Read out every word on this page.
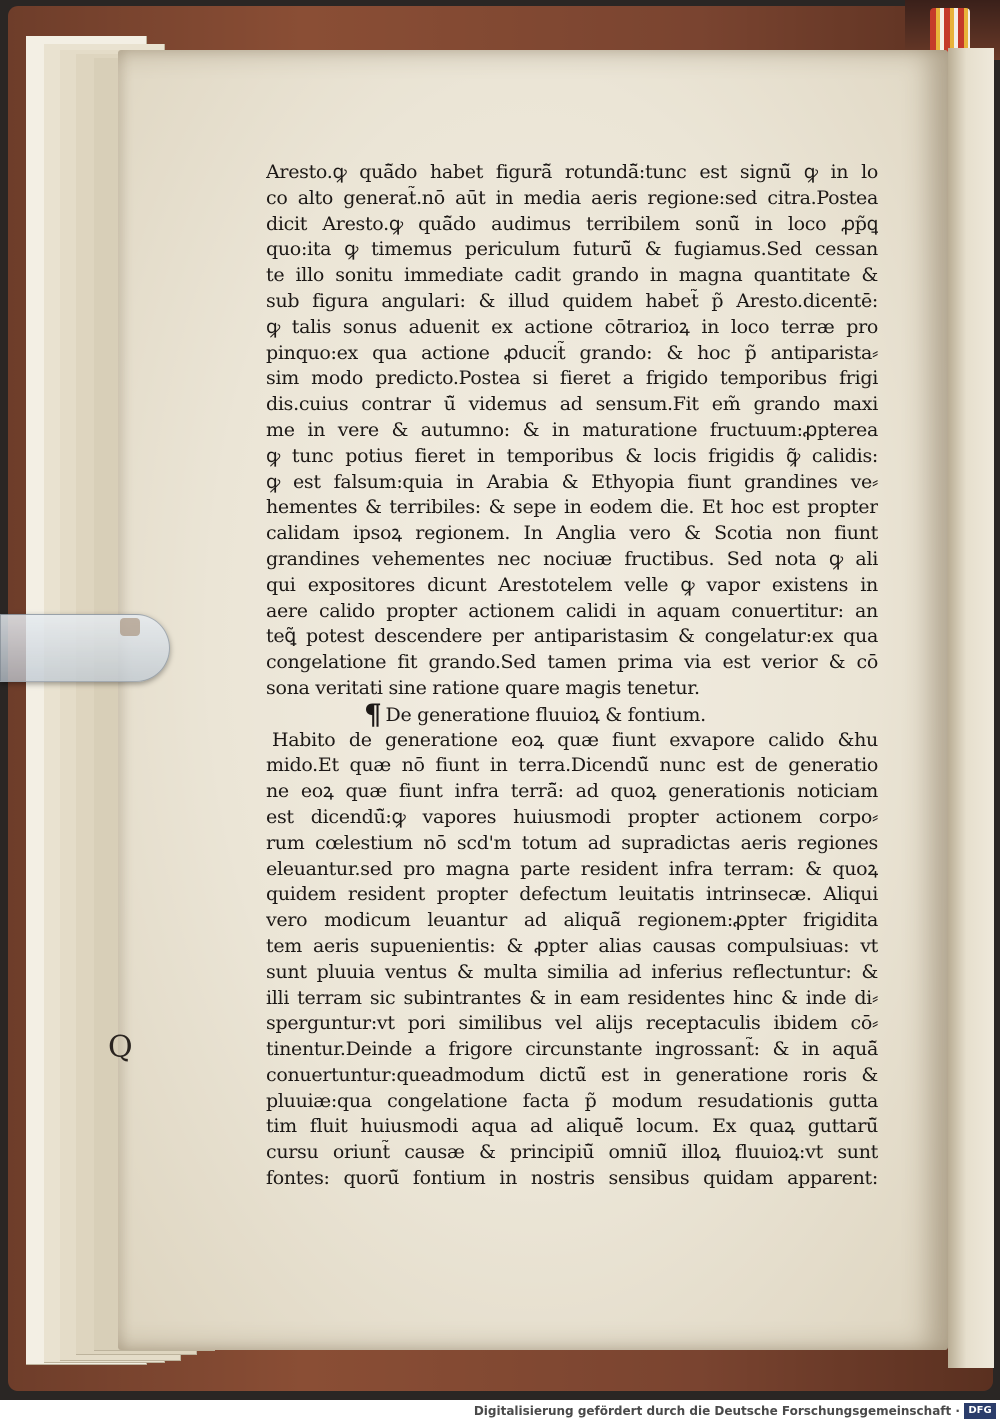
Q
Aresto.ꝙ quā̃do habet figurā̃ rotundā̃:tunc est signū̃ ꝙ in lo
co alto generat̃.nō aūt in media aeris regione:sed citra.Postea
dicit Aresto.ꝙ quā̃do audimus terribilem sonū̃ in loco ꝓp̃ꝗ
quo:ita ꝙ timemus periculum futurū̃ & fugiamus.Sed cessan
te illo sonitu immediate cadit grando in magna quantitate &
sub figura angulari: & illud quidem habet̃ p̃ Aresto.dicentē:
ꝙ talis sonus aduenit ex actione cōtrarioꝝ in loco terræ pro
pinquo:ex qua actione ꝓducit̃ grando: & hoc p̃ antiparista⸗
sim modo predicto.Postea si fieret a frigido temporibus frigi
dis.cuius contrar ū̃ videmus ad sensum.Fit em̃ grando maxi
me in vere & autumno: & in maturatione fructuum:ꝓpterea
ꝙ tunc potius fieret in temporibus & locis frigidis ꝙ̃ calidis:
ꝙ est falsum:quia in Arabia & Ethyopia fiunt grandines ve⸗
hementes & terribiles: & sepe in eodem die. Et hoc est propter
calidam ipsoꝝ regionem. In Anglia vero & Scotia non fiunt
grandines vehementes nec nociuæ fructibus. Sed nota ꝙ ali
qui expositores dicunt Arestotelem velle ꝙ vapor existens in
aere calido propter actionem calidi in aquam conuertitur: an
teꝗ̃ potest descendere per antiparistasim & congelatur:ex qua
congelatione fit grando.Sed tamen prima via est verior & cō
sona veritati sine ratione quare magis tenetur.
¶ De generatione fluuioꝝ & fontium.
Habito de generatione eoꝝ quæ fiunt exvapore calido &hu
mido.Et quæ nō fiunt in terra.Dicendū̃ nunc est de generatio
ne eoꝝ quæ fiunt infra terrā̃: ad quoꝝ generationis noticiam
est dicendū̃:ꝙ vapores huiusmodi propter actionem corpo⸗
rum cœlestium nō scd'm totum ad supradictas aeris regiones
eleuantur.sed pro magna parte resident infra terram: & quoꝝ
quidem resident propter defectum leuitatis intrinsecæ. Aliqui
vero modicum leuantur ad aliquā̃ regionem:ꝓpter frigidita
tem aeris supuenientis: & ꝓpter alias causas compulsiuas: vt
sunt pluuia ventus & multa similia ad inferius reflectuntur: &
illi terram sic subintrantes & in eam residentes hinc & inde di⸗
sperguntur:vt pori similibus vel alijs receptaculis ibidem cō⸗
tinentur.Deinde a frigore circunstante ingrossant̃: & in aquā̃
conuertuntur:queadmodum dictū̃ est in generatione roris &
pluuiæ:qua congelatione facta p̃ modum resudationis gutta
tim fluit huiusmodi aqua ad aliquē̃ locum. Ex quaꝝ guttarū̃
cursu oriunt̃ causæ & principiū̃ omniū̃ illoꝝ fluuioꝝ:vt sunt
fontes: quorū̃ fontium in nostris sensibus quidam apparent:
Digitalisierung gefördert durch die Deutsche Forschungsgemeinschaft · DFG
